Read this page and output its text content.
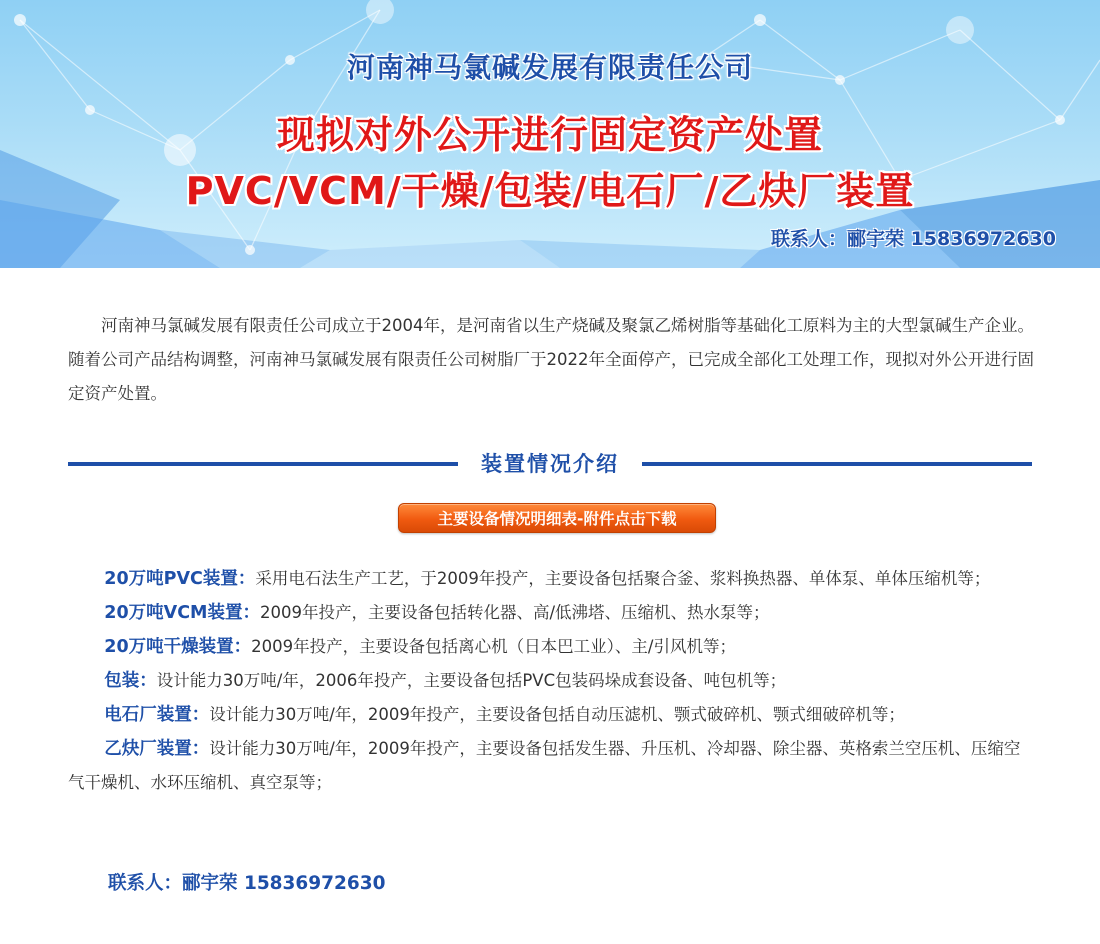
河南神马氯碱发展有限责任公司
现拟对外公开进行固定资产处置
PVC/VCM/干燥/包装/电石厂/乙炔厂装置
联系人：郦宇荣 15836972630

河南神马氯碱发展有限责任公司成立于2004年，是河南省以生产烧碱及聚氯乙烯树脂等基础化工原料为主的大型氯碱生产企业。随着公司产品结构调整，河南神马氯碱发展有限责任公司树脂厂于2022年全面停产，已完成全部化工处理工作，现拟对外公开进行固定资产处置。

装置情况介绍
主要设备情况明细表-附件点击下载

20万吨PVC装置：采用电石法生产工艺，于2009年投产，主要设备包括聚合釜、浆料换热器、单体泵、单体压缩机等；

20万吨VCM装置：2009年投产，主要设备包括转化器、高/低沸塔、压缩机、热水泵等；

20万吨干燥装置：2009年投产，主要设备包括离心机（日本巴工业）、主/引风机等；

包装：设计能力30万吨/年，2006年投产，主要设备包括PVC包装码垛成套设备、吨包机等；

电石厂装置：设计能力30万吨/年，2009年投产，主要设备包括自动压滤机、颚式破碎机、颚式细破碎机等；

乙炔厂装置：设计能力30万吨/年，2009年投产，主要设备包括发生器、升压机、冷却器、除尘器、英格索兰空压机、压缩空气干燥机、水环压缩机、真空泵等；

联系人：郦宇荣 15836972630
